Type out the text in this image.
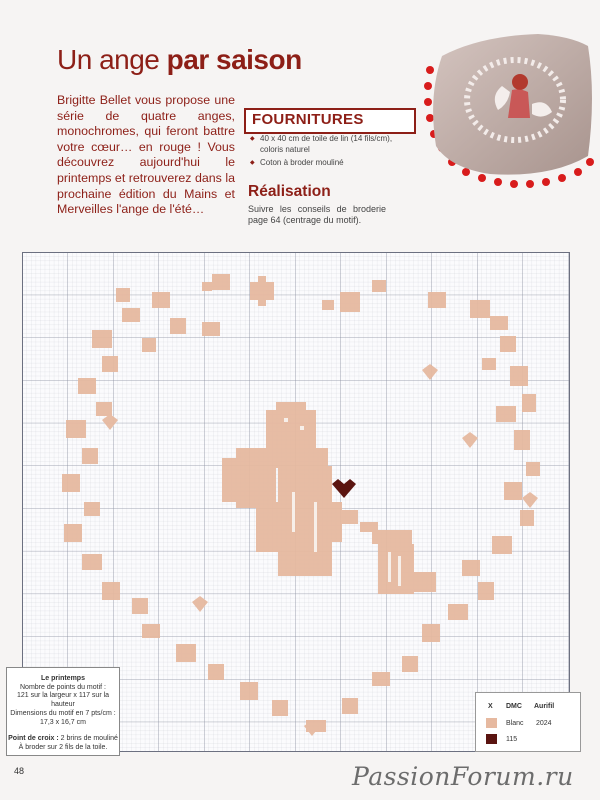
Un ange par saison
Brigitte Bellet vous propose une série de quatre anges, monochromes, qui feront battre votre cœur… en rouge ! Vous découvrez aujourd'hui le printemps et retrouverez dans la prochaine édition du Mains et Merveilles l'ange de l'été…
FOURNITURES
◆ 40 x 40 cm de toile de lin (14 fils/cm), coloris naturel
◆ Coton à broder mouliné
Réalisation
Suivre les conseils de broderie page 64 (centrage du motif).
Le printemps
Nombre de points du motif :
121 sur la largeur x 117 sur la hauteur
Dimensions du motif en 7 pts/cm :
17,3 x 16,7 cm
Point de croix : 2 brins de mouliné
À broder sur 2 fils de la toile.
X DMC Aurifil
Blanc 2024
115
48	PassionForum.ru
